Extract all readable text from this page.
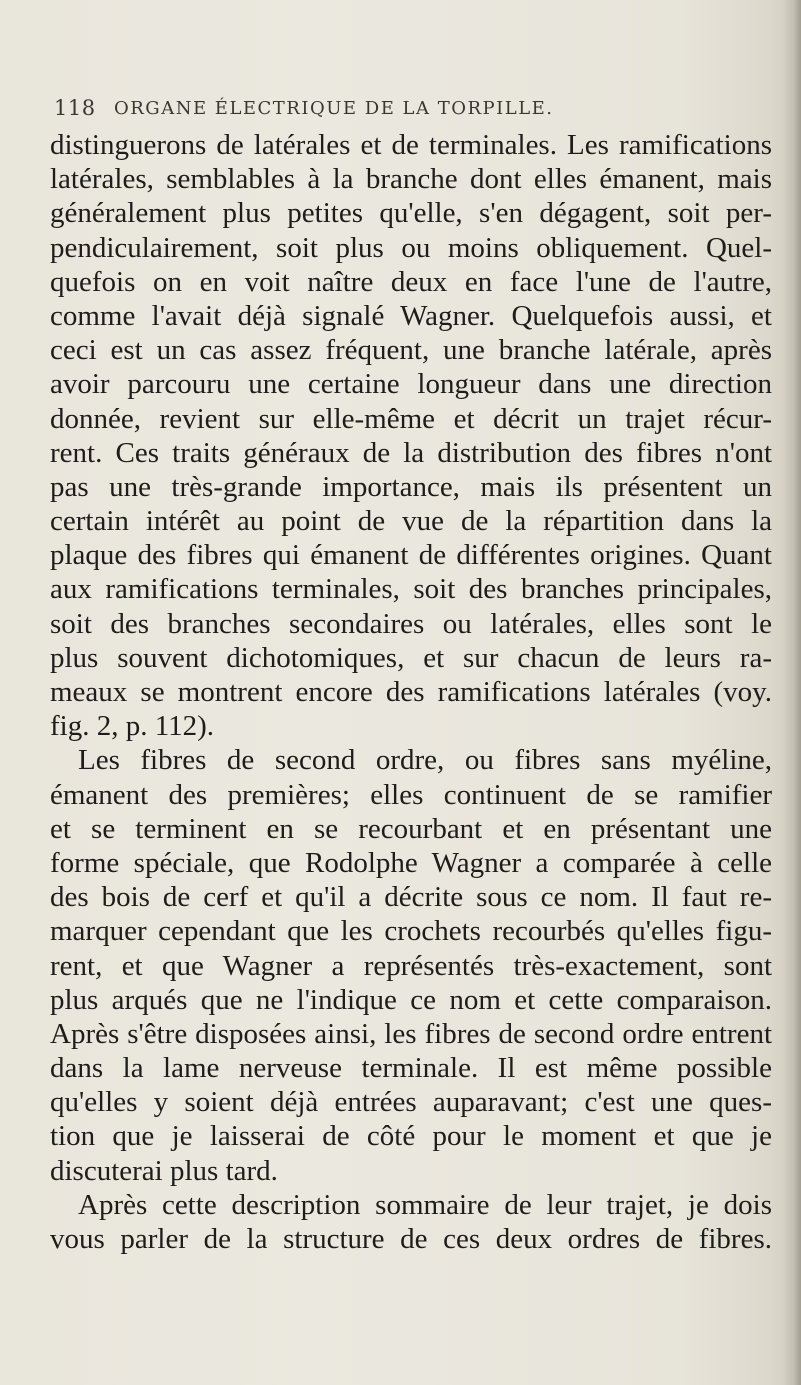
118 ORGANE ÉLECTRIQUE DE LA TORPILLE.
distinguerons de latérales et de terminales. Les ramifications
latérales, semblables à la branche dont elles émanent, mais
généralement plus petites qu'elle, s'en dégagent, soit per-
pendiculairement, soit plus ou moins obliquement. Quel-
quefois on en voit naître deux en face l'une de l'autre,
comme l'avait déjà signalé Wagner. Quelquefois aussi, et
ceci est un cas assez fréquent, une branche latérale, après
avoir parcouru une certaine longueur dans une direction
donnée, revient sur elle-même et décrit un trajet récur-
rent. Ces traits généraux de la distribution des fibres n'ont
pas une très-grande importance, mais ils présentent un
certain intérêt au point de vue de la répartition dans la
plaque des fibres qui émanent de différentes origines. Quant
aux ramifications terminales, soit des branches principales,
soit des branches secondaires ou latérales, elles sont le
plus souvent dichotomiques, et sur chacun de leurs ra-
meaux se montrent encore des ramifications latérales (voy.
fig. 2, p. 112).
Les fibres de second ordre, ou fibres sans myéline,
émanent des premières; elles continuent de se ramifier
et se terminent en se recourbant et en présentant une
forme spéciale, que Rodolphe Wagner a comparée à celle
des bois de cerf et qu'il a décrite sous ce nom. Il faut re-
marquer cependant que les crochets recourbés qu'elles figu-
rent, et que Wagner a représentés très-exactement, sont
plus arqués que ne l'indique ce nom et cette comparaison.
Après s'être disposées ainsi, les fibres de second ordre entrent
dans la lame nerveuse terminale. Il est même possible
qu'elles y soient déjà entrées auparavant; c'est une ques-
tion que je laisserai de côté pour le moment et que je
discuterai plus tard.
Après cette description sommaire de leur trajet, je dois
vous parler de la structure de ces deux ordres de fibres.
